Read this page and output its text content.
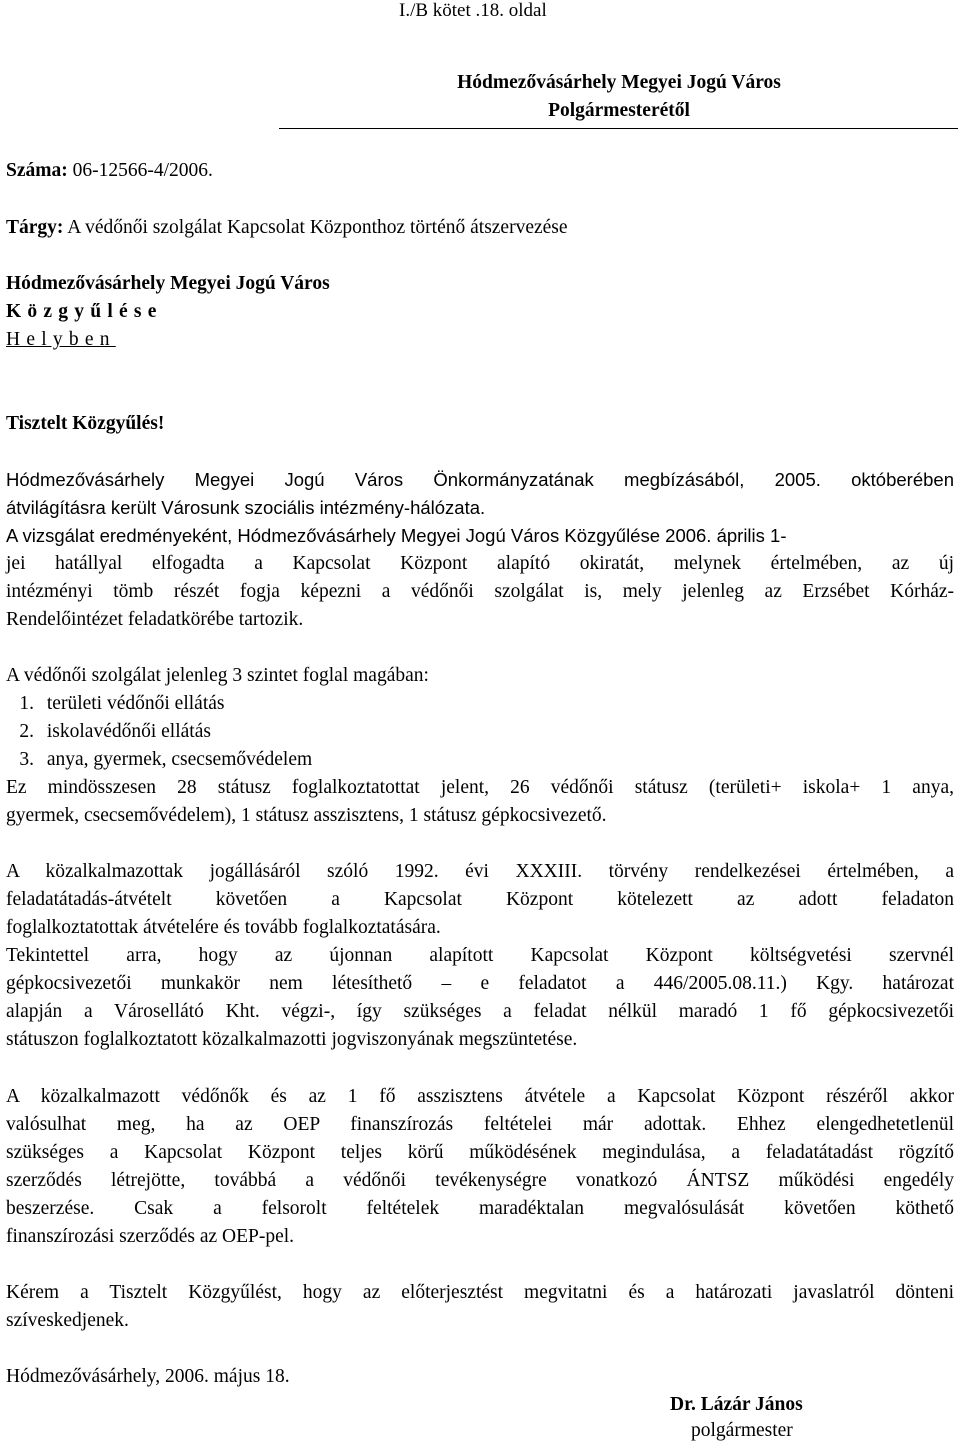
I./B kötet .18. oldal
Hódmezővásárhely Megyei Jogú Város
Polgármesterétől
Száma: 06-12566-4/2006.
Tárgy: A védőnői szolgálat Kapcsolat Központhoz történő átszervezése
Hódmezővásárhely Megyei Jogú Város
Közgyűlése
Helyben
Tisztelt Közgyűlés!
Hódmezővásárhely Megyei Jogú Város Önkormányzatának megbízásából, 2005. októberében
átvilágításra került Városunk szociális intézmény-hálózata.
A vizsgálat eredményeként, Hódmezővásárhely Megyei Jogú Város Közgyűlése 2006. április 1-
jei hatállyal elfogadta a Kapcsolat Központ alapító okiratát, melynek értelmében, az új
intézményi tömb részét fogja képezni a védőnői szolgálat is, mely jelenleg az Erzsébet Kórház-
Rendelőintézet feladatkörébe tartozik.
A védőnői szolgálat jelenleg 3 szintet foglal magában:
1. területi védőnői ellátás
2. iskolavédőnői ellátás
3. anya, gyermek, csecsemővédelem
Ez mindösszesen 28 státusz foglalkoztatottat jelent, 26 védőnői státusz (területi+ iskola+ 1 anya,
gyermek, csecsemővédelem), 1 státusz asszisztens, 1 státusz gépkocsivezető.
A közalkalmazottak jogállásáról szóló 1992. évi XXXIII. törvény rendelkezései értelmében, a
feladatátadás-átvételt követően a Kapcsolat Központ kötelezett az adott feladaton
foglalkoztatottak átvételére és tovább foglalkoztatására.
Tekintettel arra, hogy az újonnan alapított Kapcsolat Központ költségvetési szervnél
gépkocsivezetői munkakör nem létesíthető – e feladatot a 446/2005.08.11.) Kgy. határozat
alapján a Városellátó Kht. végzi-, így szükséges a feladat nélkül maradó 1 fő gépkocsivezetői
státuszon foglalkoztatott közalkalmazotti jogviszonyának megszüntetése.
A közalkalmazott védőnők és az 1 fő asszisztens átvétele a Kapcsolat Központ részéről akkor
valósulhat meg, ha az OEP finanszírozás feltételei már adottak. Ehhez elengedhetetlenül
szükséges a Kapcsolat Központ teljes körű működésének megindulása, a feladatátadást rögzítő
szerződés létrejötte, továbbá a védőnői tevékenységre vonatkozó ÁNTSZ működési engedély
beszerzése. Csak a felsorolt feltételek maradéktalan megvalósulását követően köthető
finanszírozási szerződés az OEP-pel.
Kérem a Tisztelt Közgyűlést, hogy az előterjesztést megvitatni és a határozati javaslatról dönteni
szíveskedjenek.
Hódmezővásárhely, 2006. május 18.
Dr. Lázár János
polgármester
